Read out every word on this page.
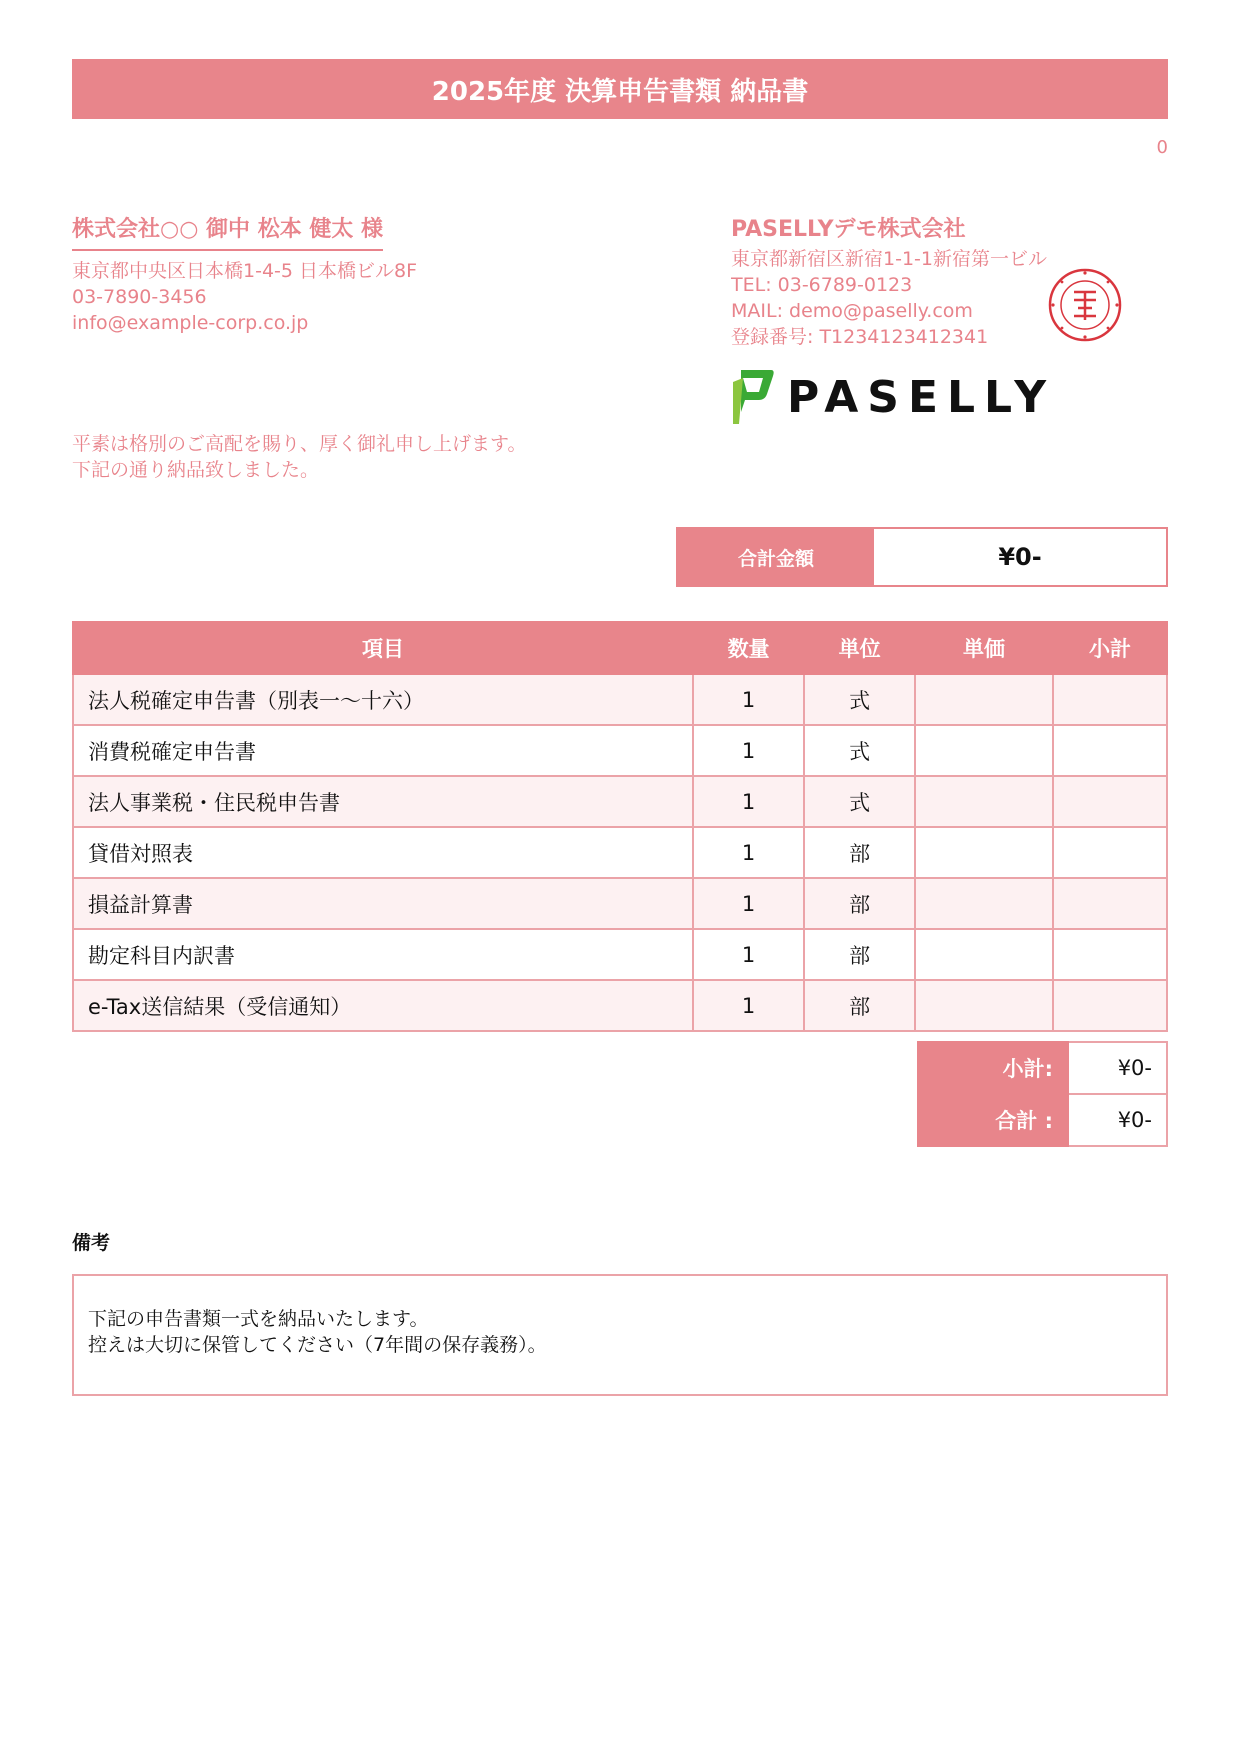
2025年度 決算申告書類 納品書
0
株式会社○○ 御中 松本 健太 様
東京都中央区日本橋1-4-5 日本橋ビル8F
03-7890-3456
info@example-corp.co.jp
平素は格別のご高配を賜り、厚く御礼申し上げます。
下記の通り納品致しました。
PASELLYデモ株式会社
東京都新宿区新宿1-1-1新宿第一ビル
TEL: 03-6789-0123
MAIL: demo@paselly.com
登録番号: T1234123412341
PASELLY
合計金額	¥0-
項目	数量	単位	単価	小計
法人税確定申告書（別表一〜十六）	1	式		
消費税確定申告書	1	式		
法人事業税・住民税申告書	1	式		
貸借対照表	1	部		
損益計算書	1	部		
勘定科目内訳書	1	部		
e-Tax送信結果（受信通知）	1	部		
小計:	¥0-
合計 :	¥0-
備考
下記の申告書類一式を納品いたします。
控えは大切に保管してください（7年間の保存義務）。
